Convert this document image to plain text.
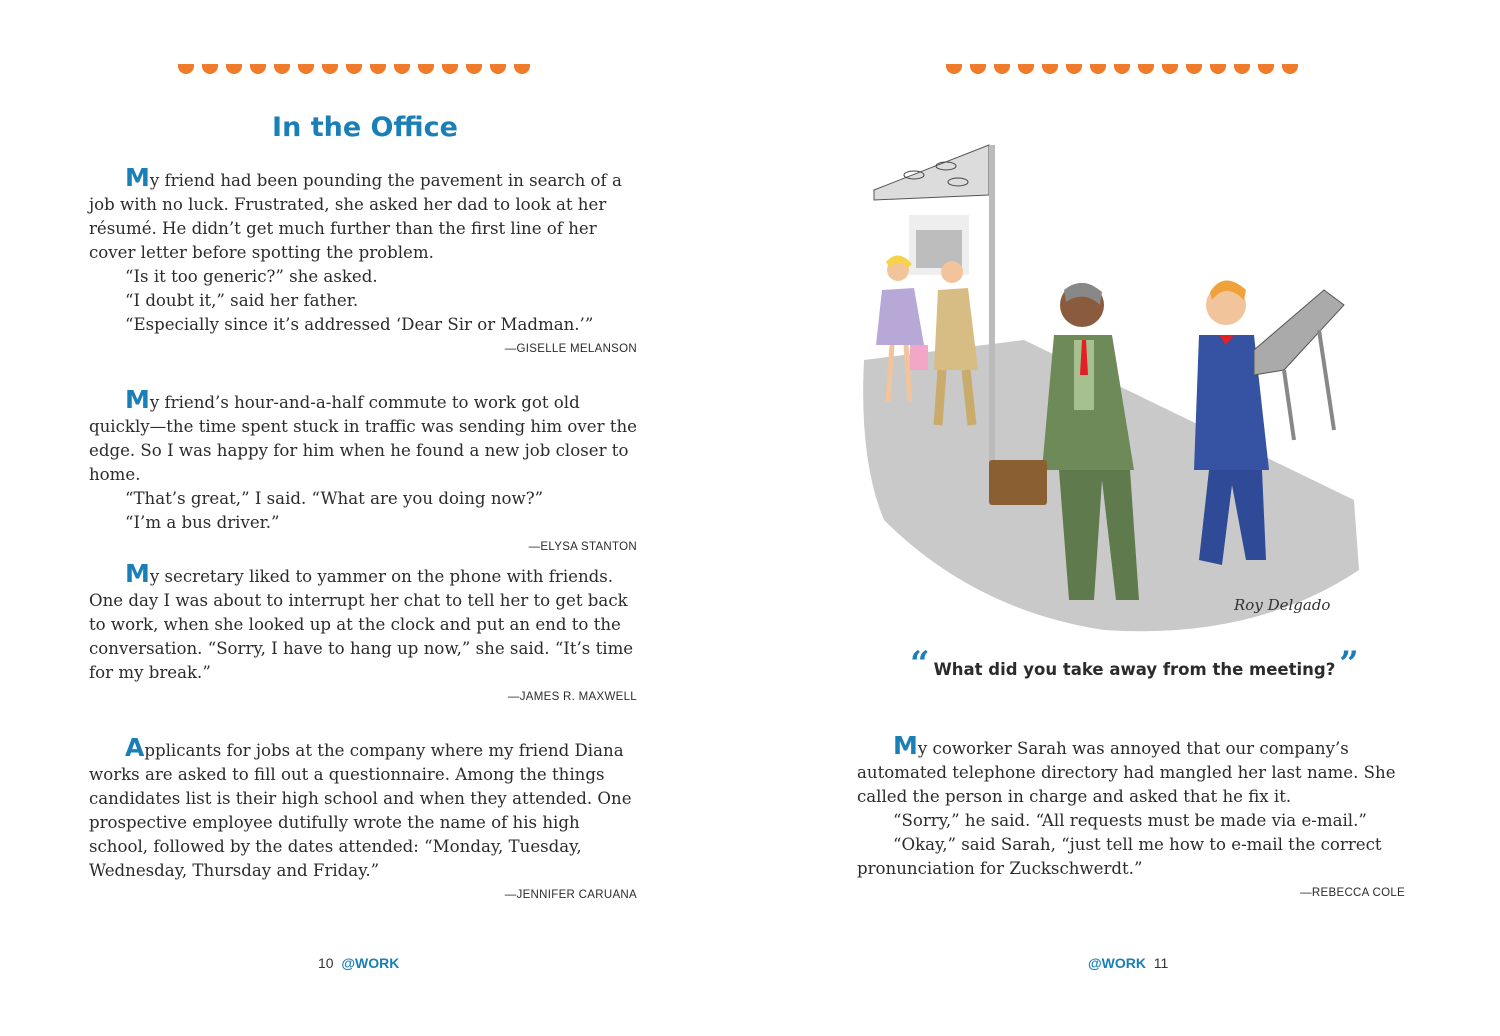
In the Office

My friend had been pounding the pavement in search of a job with no luck. Frustrated, she asked her dad to look at her résumé. He didn’t get much further than the first line of her cover letter before spotting the problem.

“Is it too generic?” she asked.

“I doubt it,” said her father.

“Especially since it’s addressed ‘Dear Sir or Madman.’”

—GISELLE MELANSON

My friend’s hour-and-a-half commute to work got old quickly—the time spent stuck in traffic was sending him over the edge. So I was happy for him when he found a new job closer to home.

“That’s great,” I said. “What are you doing now?”

“I’m a bus driver.”

—ELYSA STANTON

My secretary liked to yammer on the phone with friends. One day I was about to interrupt her chat to tell her to get back to work, when she looked up at the clock and put an end to the conversation. “Sorry, I have to hang up now,” she said. “It’s time for my break.”

—JAMES R. MAXWELL

Applicants for jobs at the company where my friend Diana works are asked to fill out a questionnaire. Among the things candidates list is their high school and when they attended. One prospective employee dutifully wrote the name of his high school, followed by the dates attended: “Monday, Tuesday, Wednesday, Thursday and Friday.”

—JENNIFER CARUANA

10 @WORK
Roy Delgado
“ What did you take away from the meeting? ”

My coworker Sarah was annoyed that our company’s automated telephone directory had mangled her last name. She called the person in charge and asked that he fix it.

“Sorry,” he said. “All requests must be made via e-mail.”

“Okay,” said Sarah, “just tell me how to e-mail the correct pronunciation for Zuckschwerdt.”

—REBECCA COLE

@WORK 11
